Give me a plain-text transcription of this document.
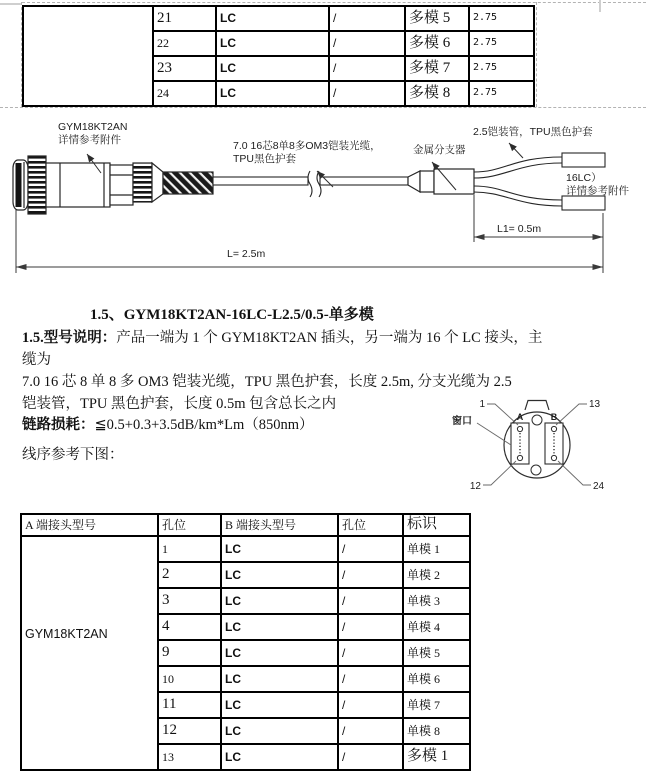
	21	LC	/	多模 5	2.75
	22	LC	/	多模 6	2.75
	23	LC	/	多模 7	2.75
	24	LC	/	多模 8	2.75
GYM18KT2AN
详情参考附件	7.0 16芯8单8多OM3铠装光缆，
TPU黑色护套
金属分支器
2.5铠装管，TPU黑色护套
16LC）
详情参考附件
L1= 0.5m
L= 2.5m
1.5、GYM18KT2AN-16LC-L2.5/0.5-单多模
1.5.型号说明：产品一端为 1 个 GYM18KT2AN 插头，另一端为 16 个 LC 接头，主
缆为
7.0 16 芯 8 单 8 多 OM3 铠装光缆，TPU 黑色护套，长度 2.5m, 分支光缆为 2.5
铠装管，TPU 黑色护套，长度 0.5m 包含总长之内
链路损耗：≦0.5+0.3+3.5dB/km*Lm（850nm）
线序参考下图：
1	13
12	24
窗口	A	B
A 端接头型号	孔位	B 端接头型号	孔位	标识
GYM18KT2AN	1	LC	/	单模 1
	2	LC	/	单模 2
	3	LC	/	单模 3
	4	LC	/	单模 4
	9	LC	/	单模 5
	10	LC	/	单模 6
	11	LC	/	单模 7
	12	LC	/	单模 8
	13	LC	/	多模 1
